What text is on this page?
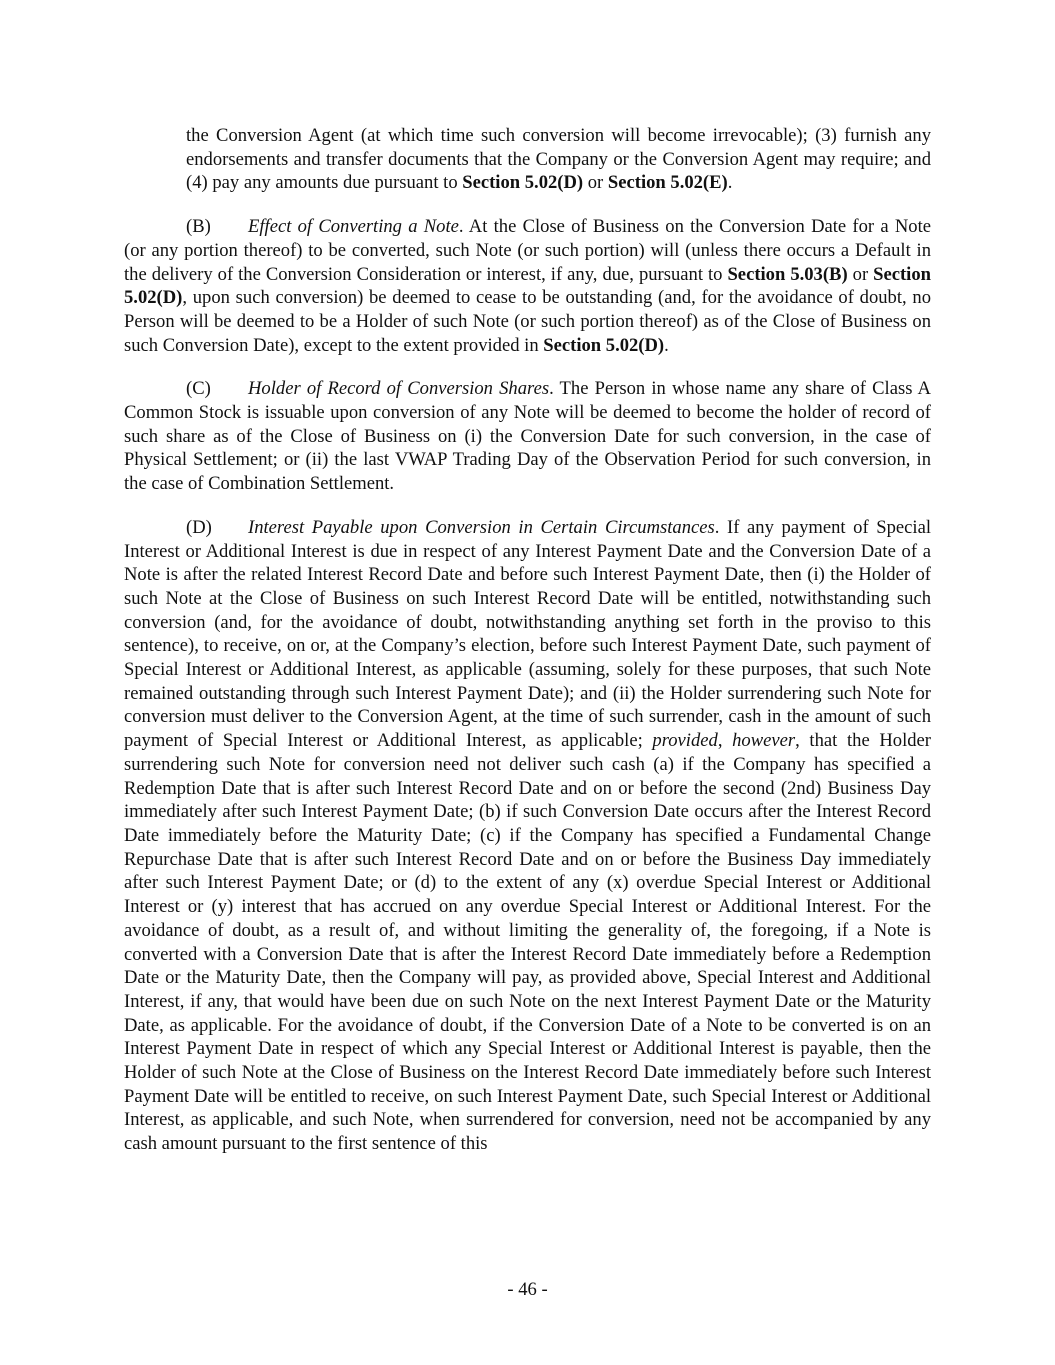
the Conversion Agent (at which time such conversion will become irrevocable); (3) furnish any endorsements and transfer documents that the Company or the Conversion Agent may require; and (4) pay any amounts due pursuant to Section 5.02(D) or Section 5.02(E).

(B) Effect of Converting a Note. At the Close of Business on the Conversion Date for a Note (or any portion thereof) to be converted, such Note (or such portion) will (unless there occurs a Default in the delivery of the Conversion Consideration or interest, if any, due, pursuant to Section 5.03(B) or Section 5.02(D), upon such conversion) be deemed to cease to be outstanding (and, for the avoidance of doubt, no Person will be deemed to be a Holder of such Note (or such portion thereof) as of the Close of Business on such Conversion Date), except to the extent provided in Section 5.02(D).

(C) Holder of Record of Conversion Shares. The Person in whose name any share of Class A Common Stock is issuable upon conversion of any Note will be deemed to become the holder of record of such share as of the Close of Business on (i) the Conversion Date for such conversion, in the case of Physical Settlement; or (ii) the last VWAP Trading Day of the Observation Period for such conversion, in the case of Combination Settlement.

(D) Interest Payable upon Conversion in Certain Circumstances. If any payment of Special Interest or Additional Interest is due in respect of any Interest Payment Date and the Conversion Date of a Note is after the related Interest Record Date and before such Interest Payment Date, then (i) the Holder of such Note at the Close of Business on such Interest Record Date will be entitled, notwithstanding such conversion (and, for the avoidance of doubt, notwithstanding anything set forth in the proviso to this sentence), to receive, on or, at the Company’s election, before such Interest Payment Date, such payment of Special Interest or Additional Interest, as applicable (assuming, solely for these purposes, that such Note remained outstanding through such Interest Payment Date); and (ii) the Holder surrendering such Note for conversion must deliver to the Conversion Agent, at the time of such surrender, cash in the amount of such payment of Special Interest or Additional Interest, as applicable; provided, however, that the Holder surrendering such Note for conversion need not deliver such cash (a) if the Company has specified a Redemption Date that is after such Interest Record Date and on or before the second (2nd) Business Day immediately after such Interest Payment Date; (b) if such Conversion Date occurs after the Interest Record Date immediately before the Maturity Date; (c) if the Company has specified a Fundamental Change Repurchase Date that is after such Interest Record Date and on or before the Business Day immediately after such Interest Payment Date; or (d) to the extent of any (x) overdue Special Interest or Additional Interest or (y) interest that has accrued on any overdue Special Interest or Additional Interest. For the avoidance of doubt, as a result of, and without limiting the generality of, the foregoing, if a Note is converted with a Conversion Date that is after the Interest Record Date immediately before a Redemption Date or the Maturity Date, then the Company will pay, as provided above, Special Interest and Additional Interest, if any, that would have been due on such Note on the next Interest Payment Date or the Maturity Date, as applicable. For the avoidance of doubt, if the Conversion Date of a Note to be converted is on an Interest Payment Date in respect of which any Special Interest or Additional Interest is payable, then the Holder of such Note at the Close of Business on the Interest Record Date immediately before such Interest Payment Date will be entitled to receive, on such Interest Payment Date, such Special Interest or Additional Interest, as applicable, and such Note, when surrendered for conversion, need not be accompanied by any cash amount pursuant to the first sentence of this

- 46 -
